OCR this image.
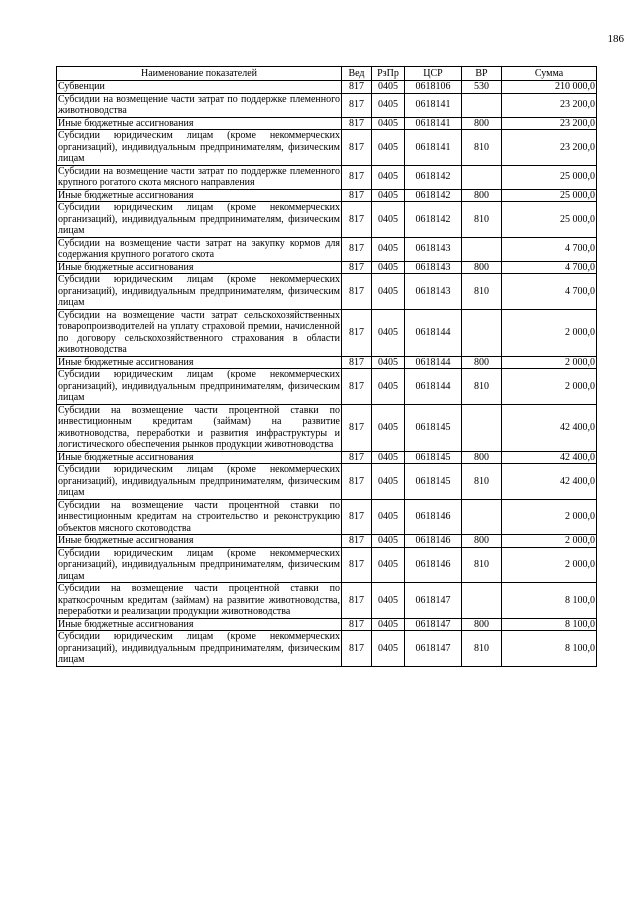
186
Наименование показателей	Вед	РзПр	ЦСР	ВР	Сумма
Субвенции	817	0405	0618106	530	210 000,0
Субсидии на возмещение части затрат по поддержке племенного животноводства	817	0405	0618141		23 200,0
Иные бюджетные ассигнования	817	0405	0618141	800	23 200,0
Субсидии юридическим лицам (кроме некоммерческих организаций), индивидуальным предпринимателям, физическим лицам	817	0405	0618141	810	23 200,0
Субсидии на возмещение части затрат по поддержке племенного крупного рогатого скота мясного направления	817	0405	0618142		25 000,0
Иные бюджетные ассигнования	817	0405	0618142	800	25 000,0
Субсидии юридическим лицам (кроме некоммерческих организаций), индивидуальным предпринимателям, физическим лицам	817	0405	0618142	810	25 000,0
Субсидии на возмещение части затрат на закупку кормов для содержания крупного рогатого скота	817	0405	0618143		4 700,0
Иные бюджетные ассигнования	817	0405	0618143	800	4 700,0
Субсидии юридическим лицам (кроме некоммерческих организаций), индивидуальным предпринимателям, физическим лицам	817	0405	0618143	810	4 700,0
Субсидии на возмещение части затрат сельскохозяйственных товаропроизводителей на уплату страховой премии, начисленной по договору сельскохозяйственного страхования в области животноводства	817	0405	0618144		2 000,0
Иные бюджетные ассигнования	817	0405	0618144	800	2 000,0
Субсидии юридическим лицам (кроме некоммерческих организаций), индивидуальным предпринимателям, физическим лицам	817	0405	0618144	810	2 000,0
Субсидии на возмещение части процентной ставки по инвестиционным кредитам (займам) на развитие животноводства, переработки и развития инфраструктуры и логистического обеспечения рынков продукции животноводства	817	0405	0618145		42 400,0
Иные бюджетные ассигнования	817	0405	0618145	800	42 400,0
Субсидии юридическим лицам (кроме некоммерческих организаций), индивидуальным предпринимателям, физическим лицам	817	0405	0618145	810	42 400,0
Субсидии на возмещение части процентной ставки по инвестиционным кредитам на строительство и реконструкцию объектов мясного скотоводства	817	0405	0618146		2 000,0
Иные бюджетные ассигнования	817	0405	0618146	800	2 000,0
Субсидии юридическим лицам (кроме некоммерческих организаций), индивидуальным предпринимателям, физическим лицам	817	0405	0618146	810	2 000,0
Субсидии на возмещение части процентной ставки по краткосрочным кредитам (займам) на развитие животноводства, переработки и реализации продукции животноводства	817	0405	0618147		8 100,0
Иные бюджетные ассигнования	817	0405	0618147	800	8 100,0
Субсидии юридическим лицам (кроме некоммерческих организаций), индивидуальным предпринимателям, физическим лицам	817	0405	0618147	810	8 100,0
